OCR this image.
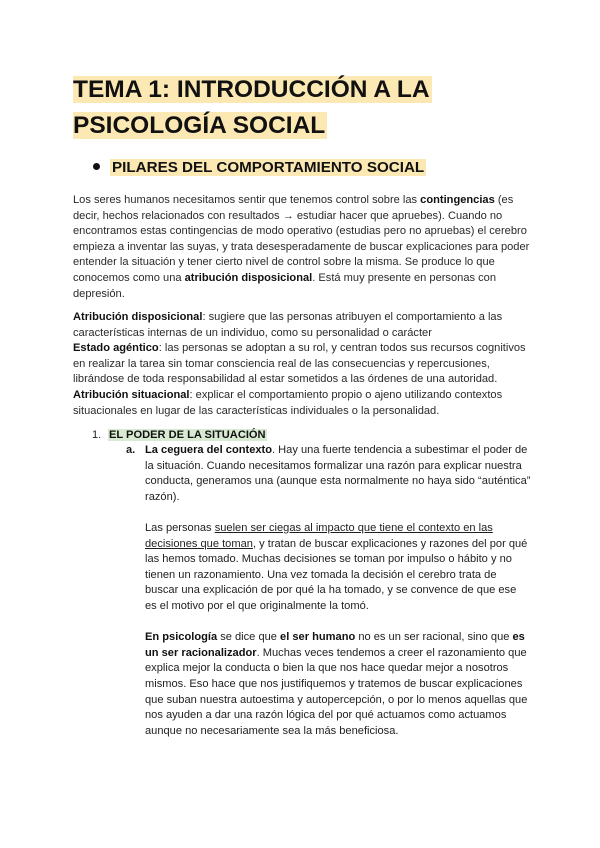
TEMA 1: INTRODUCCIÓN A LA
PSICOLOGÍA SOCIAL
PILARES DEL COMPORTAMIENTO SOCIAL
Los seres humanos necesitamos sentir que tenemos control sobre las contingencias (es decir, hechos relacionados con resultados → estudiar hacer que apruebes). Cuando no encontramos estas contingencias de modo operativo (estudias pero no apruebas) el cerebro empieza a inventar las suyas, y trata desesperadamente de buscar explicaciones para poder entender la situación y tener cierto nivel de control sobre la misma. Se produce lo que conocemos como una atribución disposicional. Está muy presente en personas con depresión.
Atribución disposicional: sugiere que las personas atribuyen el comportamiento a las características internas de un individuo, como su personalidad o carácter
Estado agéntico: las personas se adoptan a su rol, y centran todos sus recursos cognitivos en realizar la tarea sin tomar consciencia real de las consecuencias y repercusiones, librándose de toda responsabilidad al estar sometidos a las órdenes de una autoridad.
Atribución situacional: explicar el comportamiento propio o ajeno utilizando contextos situacionales en lugar de las características individuales o la personalidad.
1. EL PODER DE LA SITUACIÓN
a. La ceguera del contexto. Hay una fuerte tendencia a subestimar el poder de la situación. Cuando necesitamos formalizar una razón para explicar nuestra conducta, generamos una (aunque esta normalmente no haya sido “auténtica” razón).

Las personas suelen ser ciegas al impacto que tiene el contexto en las decisiones que toman, y tratan de buscar explicaciones y razones del por qué las hemos tomado. Muchas decisiones se toman por impulso o hábito y no tienen un razonamiento. Una vez tomada la decisión el cerebro trata de buscar una explicación de por qué la ha tomado, y se convence de que ese es el motivo por el que originalmente la tomó.

En psicología se dice que el ser humano no es un ser racional, sino que es un ser racionalizador. Muchas veces tendemos a creer el razonamiento que explica mejor la conducta o bien la que nos hace quedar mejor a nosotros mismos. Eso hace que nos justifiquemos y tratemos de buscar explicaciones que suban nuestra autoestima y autopercepción, o por lo menos aquellas que nos ayuden a dar una razón lógica del por qué actuamos como actuamos aunque no necesariamente sea la más beneficiosa.
